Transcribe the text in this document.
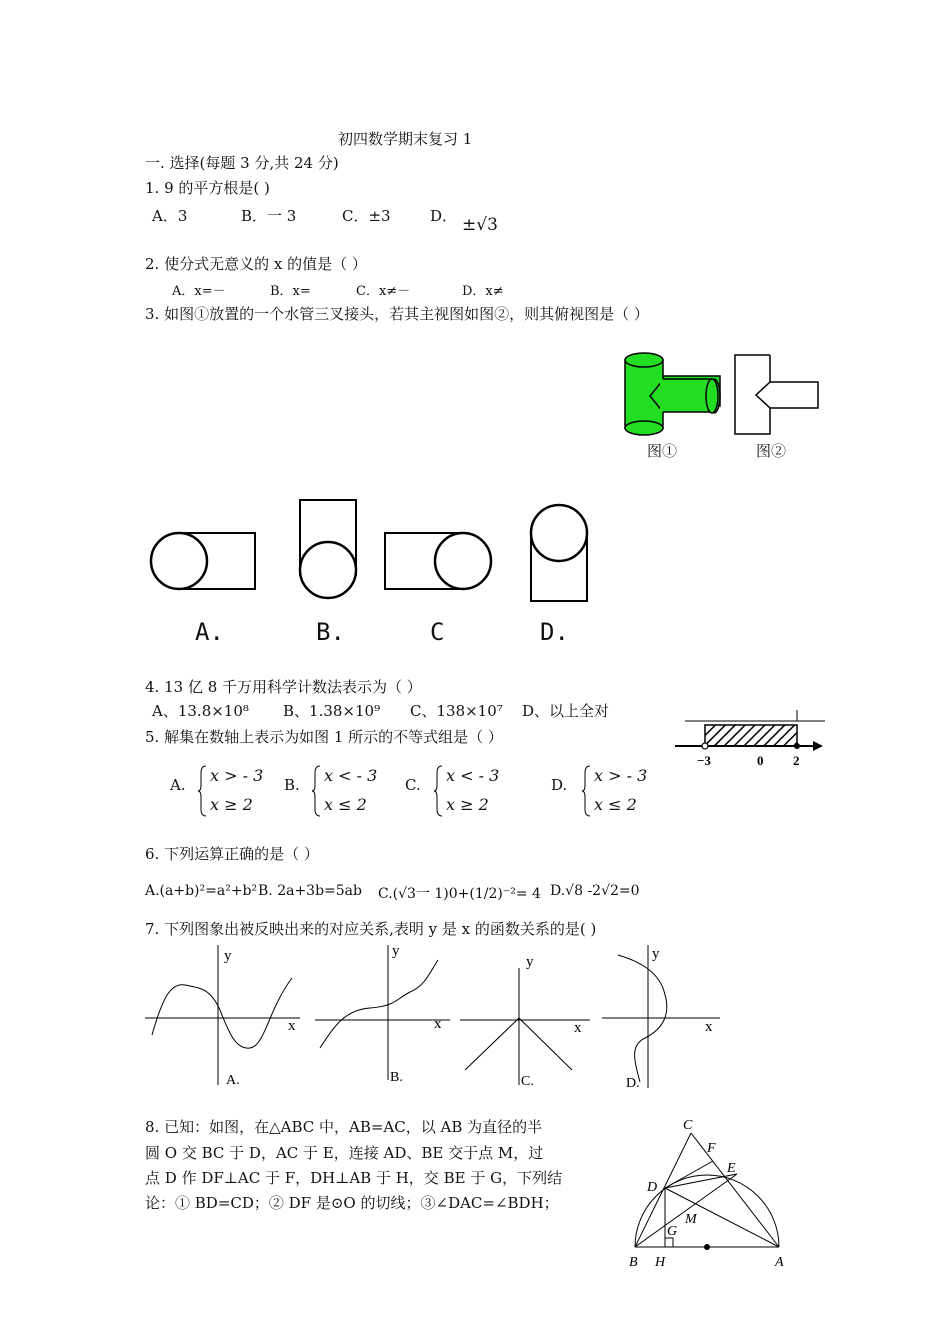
初四数学期末复习 1
一. 选择(每题 3 分,共 24 分)
1. 9 的平方根是( )
A．3	B．一 3	C．±3	D． ±√3
2. 使分式无意义的 x 的值是（ ）
A．x=－	B．x=	C．x≠－	D．x≠
3. 如图①放置的一个水管三叉接头，若其主视图如图②，则其俯视图是（ ）
图①	图②
A.	B.	C	D.
4. 13 亿 8 千万用科学计数法表示为（ ）
A、13.8×10⁸ B、1.38×10⁹ C、138×10⁷ D、以上全对
5. 解集在数轴上表示为如图 1 所示的不等式组是（ ）
−3	0 2
A. x > - 3
x ≥ 2
B. x < - 3
x ≤ 2
C. x < - 3
x ≥ 2
D. x > - 3
x ≤ 2
6. 下列运算正确的是（ ）
A.(a+b)²=a²+b² B. 2a+3b=5ab C.(√3一 1)0+(1/2)⁻²= 4 D.√8 -2√2=0
7. 下列图象出被反映出来的对应关系,表明 y 是 x 的函数关系的是( )
y
x
A.
y
x
B.
y
x
C.
y
x
D.
8. 已知：如图，在△ABC 中，AB=AC，以 AB 为直径的半
圆 O 交 BC 于 D，AC 于 E，连接 AD、BE 交于点 M，过
点 D 作 DF⊥AC 于 F，DH⊥AB 于 H，交 BE 于 G，下列结
论：① BD=CD；② DF 是⊙O 的切线；③∠DAC=∠BDH；
C
F
E
D
M
G
B H	A
